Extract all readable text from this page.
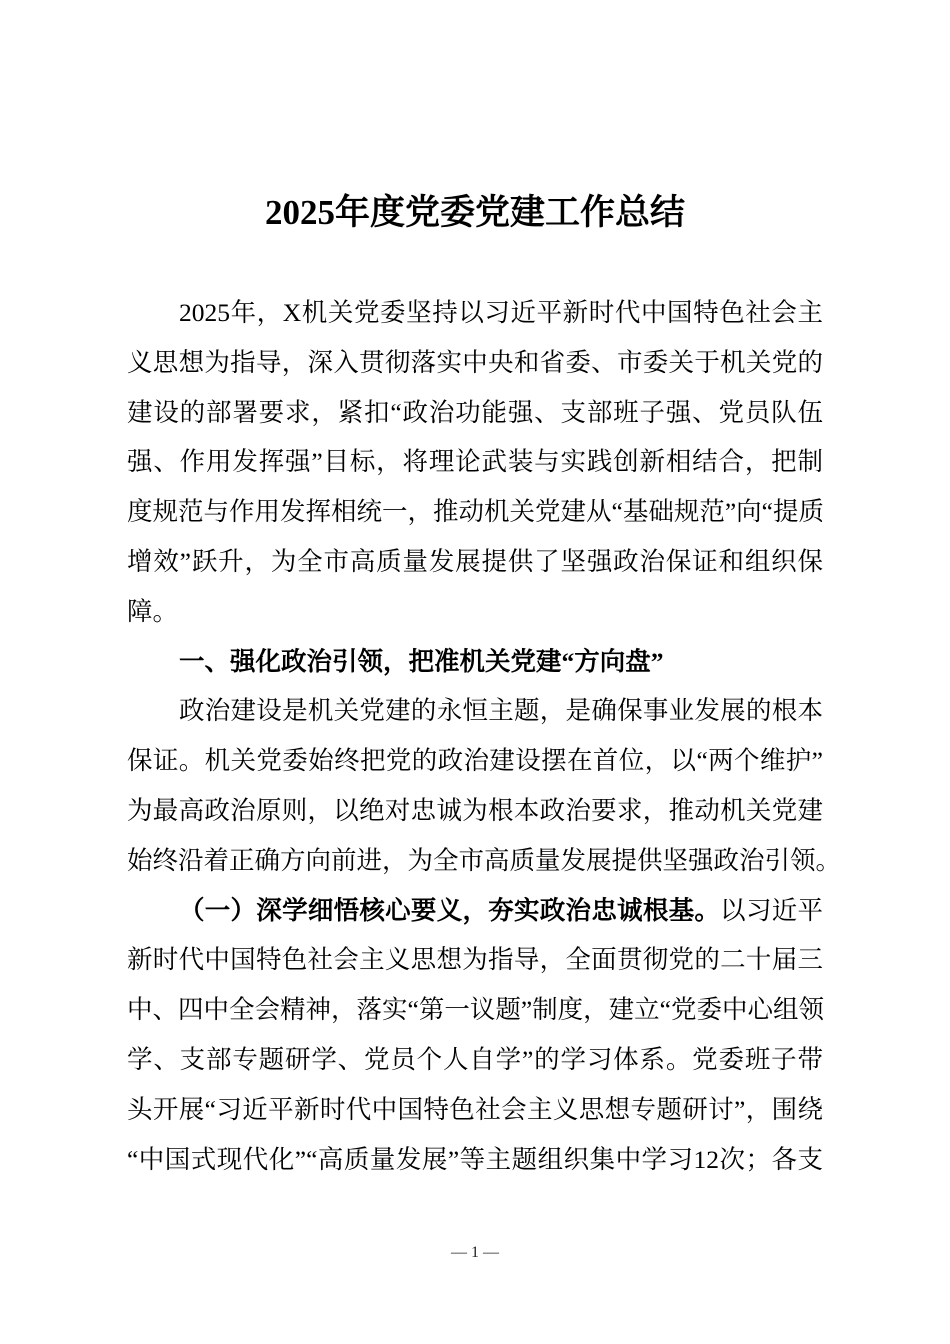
2025年度党委党建工作总结
2025年，X机关党委坚持以习近平新时代中国特色社会主
义思想为指导，深入贯彻落实中央和省委、市委关于机关党的
建设的部署要求，紧扣“政治功能强、支部班子强、党员队伍
强、作用发挥强”目标，将理论武装与实践创新相结合，把制
度规范与作用发挥相统一，推动机关党建从“基础规范”向“提质
增效”跃升，为全市高质量发展提供了坚强政治保证和组织保
障。
一、强化政治引领，把准机关党建“方向盘”
政治建设是机关党建的永恒主题，是确保事业发展的根本
保证。机关党委始终把党的政治建设摆在首位，以“两个维护”
为最高政治原则，以绝对忠诚为根本政治要求，推动机关党建
始终沿着正确方向前进，为全市高质量发展提供坚强政治引领。
（一）深学细悟核心要义，夯实政治忠诚根基。以习近平
新时代中国特色社会主义思想为指导，全面贯彻党的二十届三
中、四中全会精神，落实“第一议题”制度，建立“党委中心组领
学、支部专题研学、党员个人自学”的学习体系。党委班子带
头开展“习近平新时代中国特色社会主义思想专题研讨”，围绕
“中国式现代化”“高质量发展”等主题组织集中学习12次；各支
— 1 —
